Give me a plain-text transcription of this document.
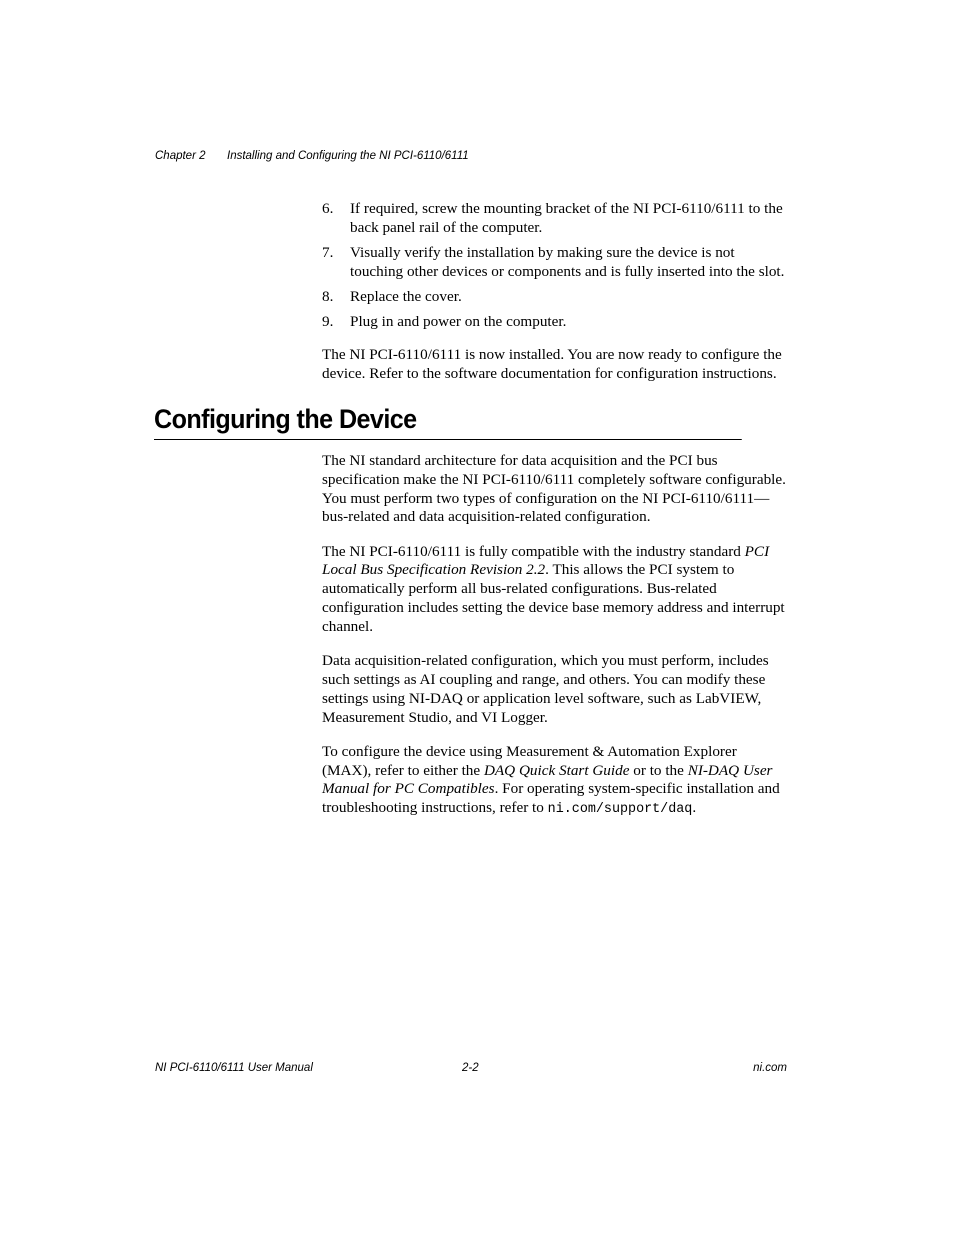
Chapter 2 Installing and Configuring the NI PCI-6110/6111
6. If required, screw the mounting bracket of the NI PCI-6110/6111 to the back panel rail of the computer.
7. Visually verify the installation by making sure the device is not touching other devices or components and is fully inserted into the slot.
8. Replace the cover.
9. Plug in and power on the computer.

The NI PCI-6110/6111 is now installed. You are now ready to configure the device. Refer to the software documentation for configuration instructions.

Configuring the Device

The NI standard architecture for data acquisition and the PCI bus specification make the NI PCI-6110/6111 completely software configurable. You must perform two types of configuration on the NI PCI-6110/6111—bus-related and data acquisition-related configuration.

The NI PCI-6110/6111 is fully compatible with the industry standard PCI Local Bus Specification Revision 2.2. This allows the PCI system to automatically perform all bus-related configurations. Bus-related configuration includes setting the device base memory address and interrupt channel.

Data acquisition-related configuration, which you must perform, includes such settings as AI coupling and range, and others. You can modify these settings using NI-DAQ or application level software, such as LabVIEW, Measurement Studio, and VI Logger.

To configure the device using Measurement & Automation Explorer (MAX), refer to either the DAQ Quick Start Guide or to the NI-DAQ User Manual for PC Compatibles. For operating system-specific installation and troubleshooting instructions, refer to ni.com/support/daq.

NI PCI-6110/6111 User Manual	2-2	ni.com
